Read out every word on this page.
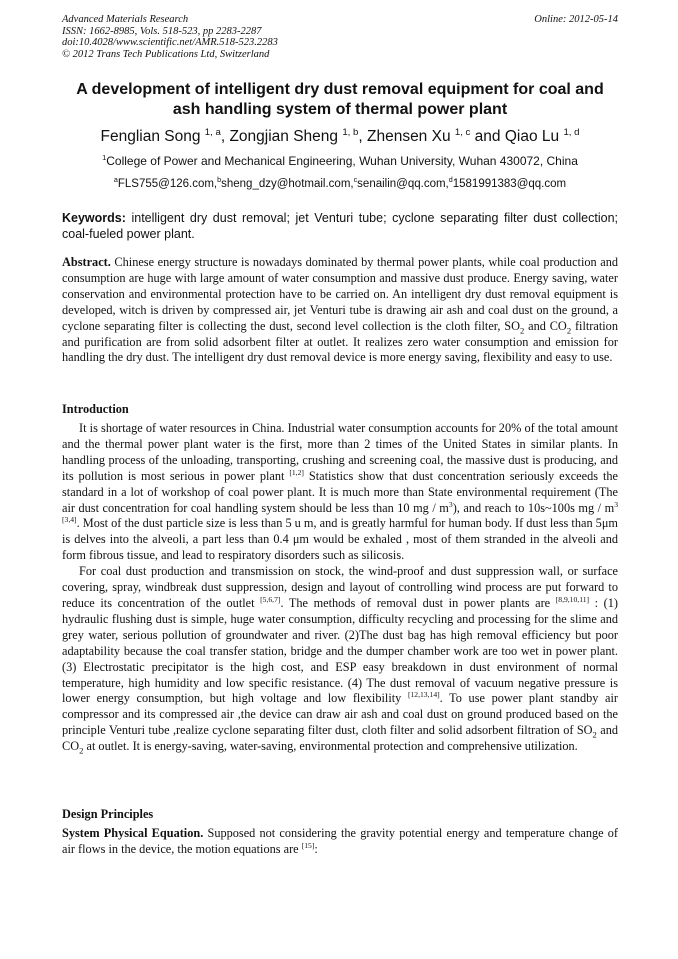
Advanced Materials Research
ISSN: 1662-8985, Vols. 518-523, pp 2283-2287
doi:10.4028/www.scientific.net/AMR.518-523.2283
© 2012 Trans Tech Publications Ltd, Switzerland
Online: 2012-05-14
A development of intelligent dry dust removal equipment for coal and
ash handling system of thermal power plant
Fenglian Song $^{1, a}$, Zongjian Sheng $^{1, b}$, Zhensen Xu $^{1, c}$ and Qiao Lu $^{1, d}$
$^1$College of Power and Mechanical Engineering, Wuhan University, Wuhan 430072, China
$^a$FLS755@126.com,$^b$sheng_dzy@hotmail.com,$^c$senailin@qq.com,$^d$1581991383@qq.com
Keywords: intelligent dry dust removal; jet Venturi tube; cyclone separating filter dust collection; coal-fueled power plant.
Abstract. Chinese energy structure is nowadays dominated by thermal power plants, while coal production and consumption are huge with large amount of water consumption and massive dust produce. Energy saving, water conservation and environmental protection have to be carried on. An intelligent dry dust removal equipment is developed, witch is driven by compressed air, jet Venturi tube is drawing air ash and coal dust on the ground, a cyclone separating filter is collecting the dust, second level collection is the cloth filter, $SO_2$ and $CO_2$ filtration and purification are from solid adsorbent filter at outlet. It realizes zero water consumption and emission for handling the dry dust. The intelligent dry dust removal device is more energy saving, flexibility and easy to use.
Introduction

It is shortage of water resources in China. Industrial water consumption accounts for 20% of the total amount and the thermal power plant water is the first, more than 2 times of the United States in similar plants. In handling process of the unloading, transporting, crushing and screening coal, the massive dust is producing, and its pollution is most serious in power plant [1,2] Statistics show that dust concentration seriously exceeds the standard in a lot of workshop of coal power plant. It is much more than State environmental requirement (The air dust concentration for coal handling system should be less than 10 mg / $m^3$), and reach to 10s~100s mg / $m^3$ [3,4]. Most of the dust particle size is less than 5 u m, and is greatly harmful for human body. If dust less than 5μm is delves into the alveoli, a part less than 0.4 μm would be exhaled , most of them stranded in the alveoli and form fibrous tissue, and lead to respiratory disorders such as silicosis.

For coal dust production and transmission on stock, the wind-proof and dust suppression wall, or surface covering, spray, windbreak dust suppression, design and layout of controlling wind process are put forward to reduce its concentration of the outlet [5,6,7]. The methods of removal dust in power plants are [8,9,10,11] : (1) hydraulic flushing dust is simple, huge water consumption, difficulty recycling and processing for the slime and grey water, serious pollution of groundwater and river. (2)The dust bag has high removal efficiency but poor adaptability because the coal transfer station, bridge and the dumper chamber work are too wet in power plant. (3) Electrostatic precipitator is the high cost, and ESP easy breakdown in dust environment of normal temperature, high humidity and low specific resistance. (4) The dust removal of vacuum negative pressure is lower energy consumption, but high voltage and low flexibility [12,13,14]. To use power plant standby air compressor and its compressed air ,the device can draw air ash and coal dust on ground produced based on the principle Venturi tube ,realize cyclone separating filter dust, cloth filter and solid adsorbent filtration of $SO_2$ and $CO_2$ at outlet. It is energy-saving, water-saving, environmental protection and comprehensive utilization.

Design Principles
System Physical Equation. Supposed not considering the gravity potential energy and temperature change of air flows in the device, the motion equations are [15]:
